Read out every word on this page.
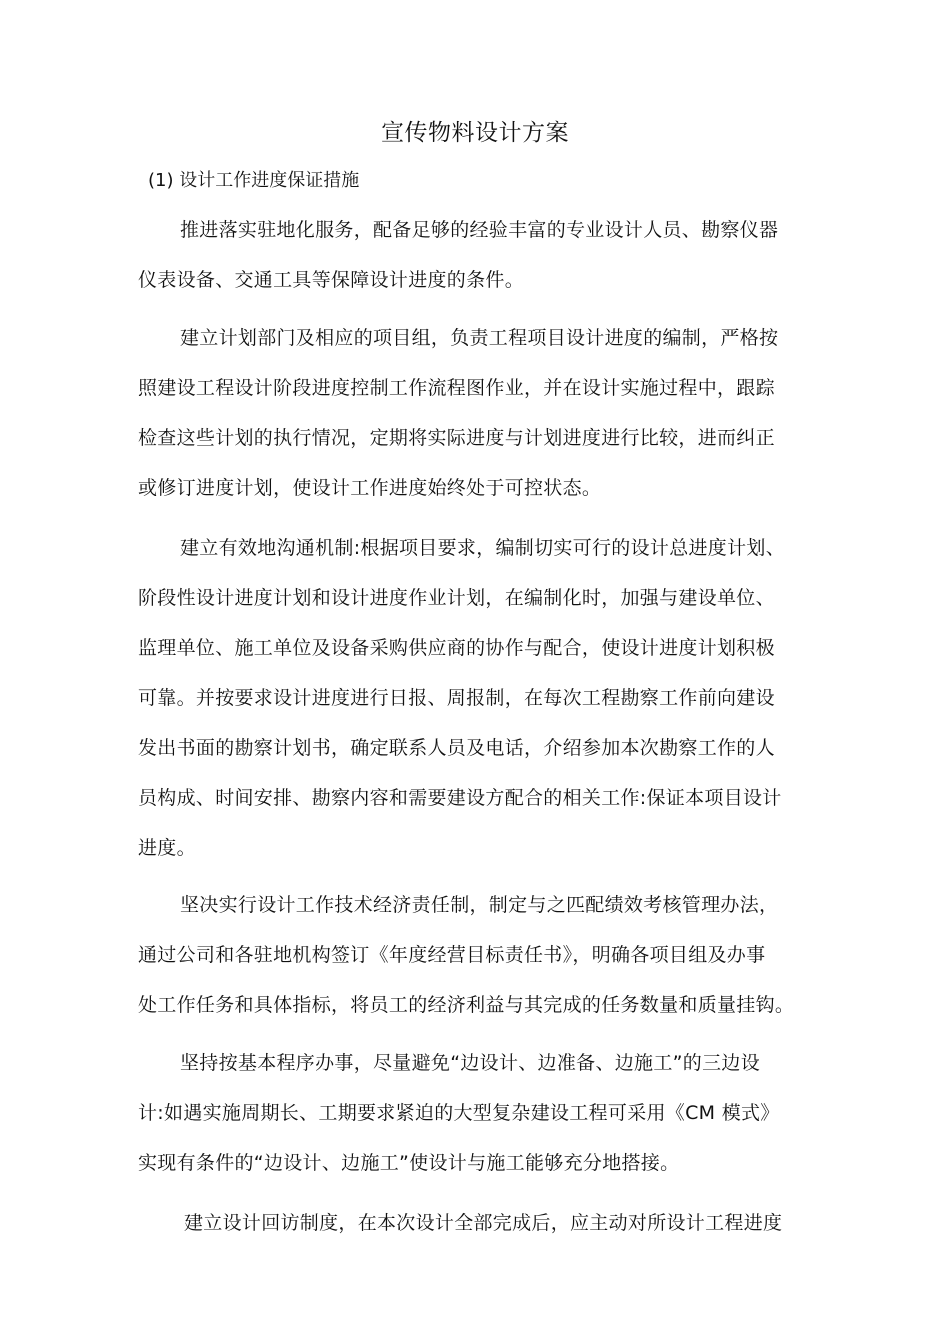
宣传物料设计方案
(1) 设计工作进度保证措施
推进落实驻地化服务，配备足够的经验丰富的专业设计人员、勘察仪器
仪表设备、交通工具等保障设计进度的条件。
建立计划部门及相应的项目组，负责工程项目设计进度的编制，严格按
照建设工程设计阶段进度控制工作流程图作业，并在设计实施过程中，跟踪
检查这些计划的执行情况，定期将实际进度与计划进度进行比较，进而纠正
或修订进度计划，使设计工作进度始终处于可控状态。
建立有效地沟通机制:根据项目要求，编制切实可行的设计总进度计划、
阶段性设计进度计划和设计进度作业计划，在编制化时，加强与建设单位、
监理单位、施工单位及设备采购供应商的协作与配合，使设计进度计划积极
可靠。并按要求设计进度进行日报、周报制，在每次工程勘察工作前向建设
发出书面的勘察计划书，确定联系人员及电话，介绍参加本次勘察工作的人
员构成、时间安排、勘察内容和需要建设方配合的相关工作:保证本项目设计
进度。
坚决实行设计工作技术经济责任制，制定与之匹配绩效考核管理办法，
通过公司和各驻地机构签订《年度经营目标责任书》，明确各项目组及办事
处工作任务和具体指标，将员工的经济利益与其完成的任务数量和质量挂钩。
坚持按基本程序办事，尽量避免“边设计、边准备、边施工”的三边设
计:如遇实施周期长、工期要求紧迫的大型复杂建设工程可采用《CM 模式》
实现有条件的“边设计、边施工”使设计与施工能够充分地搭接。
建立设计回访制度，在本次设计全部完成后，应主动对所设计工程进度
